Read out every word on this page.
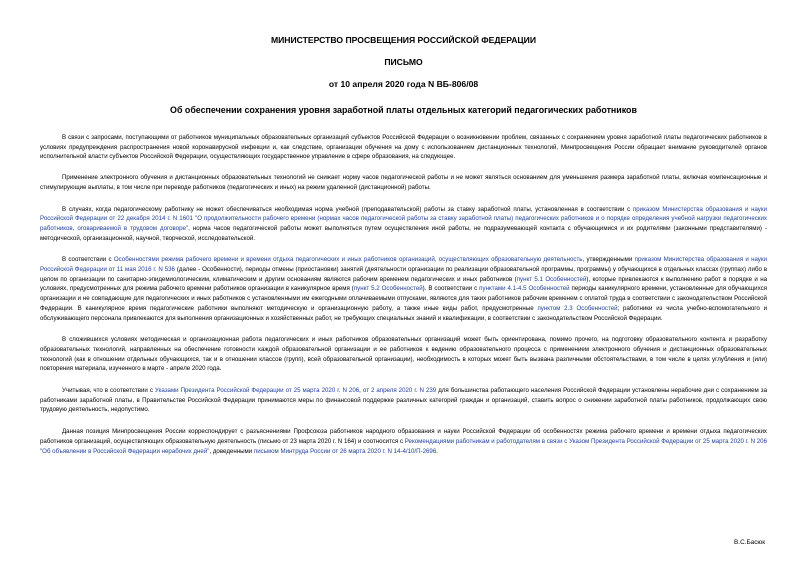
МИНИСТЕРСТВО ПРОСВЕЩЕНИЯ РОССИЙСКОЙ ФЕДЕРАЦИИ
ПИСЬМО
от 10 апреля 2020 года N ВБ-806/08
Об обеспечении сохранения уровня заработной платы отдельных категорий педагогических работников

В связи с запросами, поступающими от работников муниципальных образовательных организаций субъектов Российской Федерации о возникновении проблем, связанных с сохранением уровня заработной платы педагогических работников в условиях предупреждения распространения новой коронавирусной инфекции и, как следствие, организации обучения на дому с использованием дистанционных технологий, Минпросвещения России обращает внимание руководителей органов исполнительной власти субъектов Российской Федерации, осуществляющих государственное управление в сфере образования, на следующее.

Применение электронного обучения и дистанционных образовательных технологий не снижает норму часов педагогической работы и не может являться основанием для уменьшения размера заработной платы, включая компенсационные и стимулирующие выплаты, в том числе при переводе работников (педагогических и иных) на режим удаленной (дистанционной) работы.

В случаях, когда педагогическому работнику не может обеспечиваться необходимая норма учебной (преподавательской) работы за ставку заработной платы, установленная в соответствии с приказом Министерства образования и науки Российской Федерации от 22 декабря 2014 г. N 1601 "О продолжительности рабочего времени (нормах часов педагогической работы за ставку заработной платы) педагогических работников и о порядке определения учебной нагрузки педагогических работников, оговариваемой в трудовом договоре", норма часов педагогической работы может выполняться путем осуществления иной работы, не подразумевающей контакта с обучающимися и их родителями (законными представителями) - методической, организационной, научной, творческой, исследовательской.

В соответствии с Особенностями режима рабочего времени и времени отдыха педагогических и иных работников организаций, осуществляющих образовательную деятельность, утвержденными приказом Министерства образования и науки Российской Федерации от 11 мая 2016 г. N 536 (далее - Особенности), периоды отмены (приостановки) занятий (деятельности организации по реализации образовательной программы, программы) у обучающихся в отдельных классах (группах) либо в целом по организации по санитарно-эпидемиологическим, климатическим и другим основаниям являются рабочим временем педагогических и иных работников (пункт 5.1 Особенностей), которые привлекаются к выполнению работ в порядке и на условиях, предусмотренных для режима рабочего времени работников организации в каникулярное время (пункт 5.2 Особенностей). В соответствии с пунктами 4.1-4.5 Особенностей периоды каникулярного времени, установленные для обучающихся организации и не совпадающие для педагогических и иных работников с установленными им ежегодными оплачиваемыми отпусками, являются для таких работников рабочим временем с оплатой труда в соответствии с законодательством Российской Федерации. В каникулярное время педагогические работники выполняют методическую и организационную работу, а также иные виды работ, предусмотренные пунктом 2.3 Особенностей; работники из числа учебно-вспомогательного и обслуживающего персонала привлекаются для выполнения организационных и хозяйственных работ, не требующих специальных знаний и квалификации, в соответствии с законодательством Российской Федерации.

В сложившихся условиях методическая и организационная работа педагогических и иных работников образовательных организаций может быть ориентирована, помимо прочего, на подготовку образовательного контента и разработку образовательных технологий, направленных на обеспечение готовности каждой образовательной организации и ее работников к ведению образовательного процесса с применением электронного обучения и дистанционных образовательных технологий (как в отношении отдельных обучающихся, так и в отношении классов (групп), всей образовательной организации), необходимость в которых может быть вызвана различными обстоятельствами, в том числе в целях углубления и (или) повторения материала, изученного в марте - апреле 2020 года.

Учитывая, что в соответствии с Указами Президента Российской Федерации от 25 марта 2020 г. N 206, от 2 апреля 2020 г. N 239 для большинства работающего населения Российской Федерации установлены нерабочие дни с сохранением за работниками заработной платы, в Правительстве Российской Федерации принимаются меры по финансовой поддержке различных категорий граждан и организаций, ставить вопрос о снижении заработной платы работников, продолжающих свою трудовую деятельность, недопустимо.

Данная позиция Минпросвещения России корреспондирует с разъяснениями Профсоюза работников народного образования и науки Российской Федерации об особенностях режима рабочего времени и времени отдыха педагогических работников организаций, осуществляющих образовательную деятельность (письмо от 23 марта 2020 г. N 164) и соотносится с Рекомендациями работникам и работодателям в связи с Указом Президента Российской Федерации от 25 марта 2020 г. N 206 "Об объявлении в Российской Федерации нерабочих дней", доведенными письмом Минтруда России от 26 марта 2020 г. N 14-4/10/П-2696.

В.С.Басюк
